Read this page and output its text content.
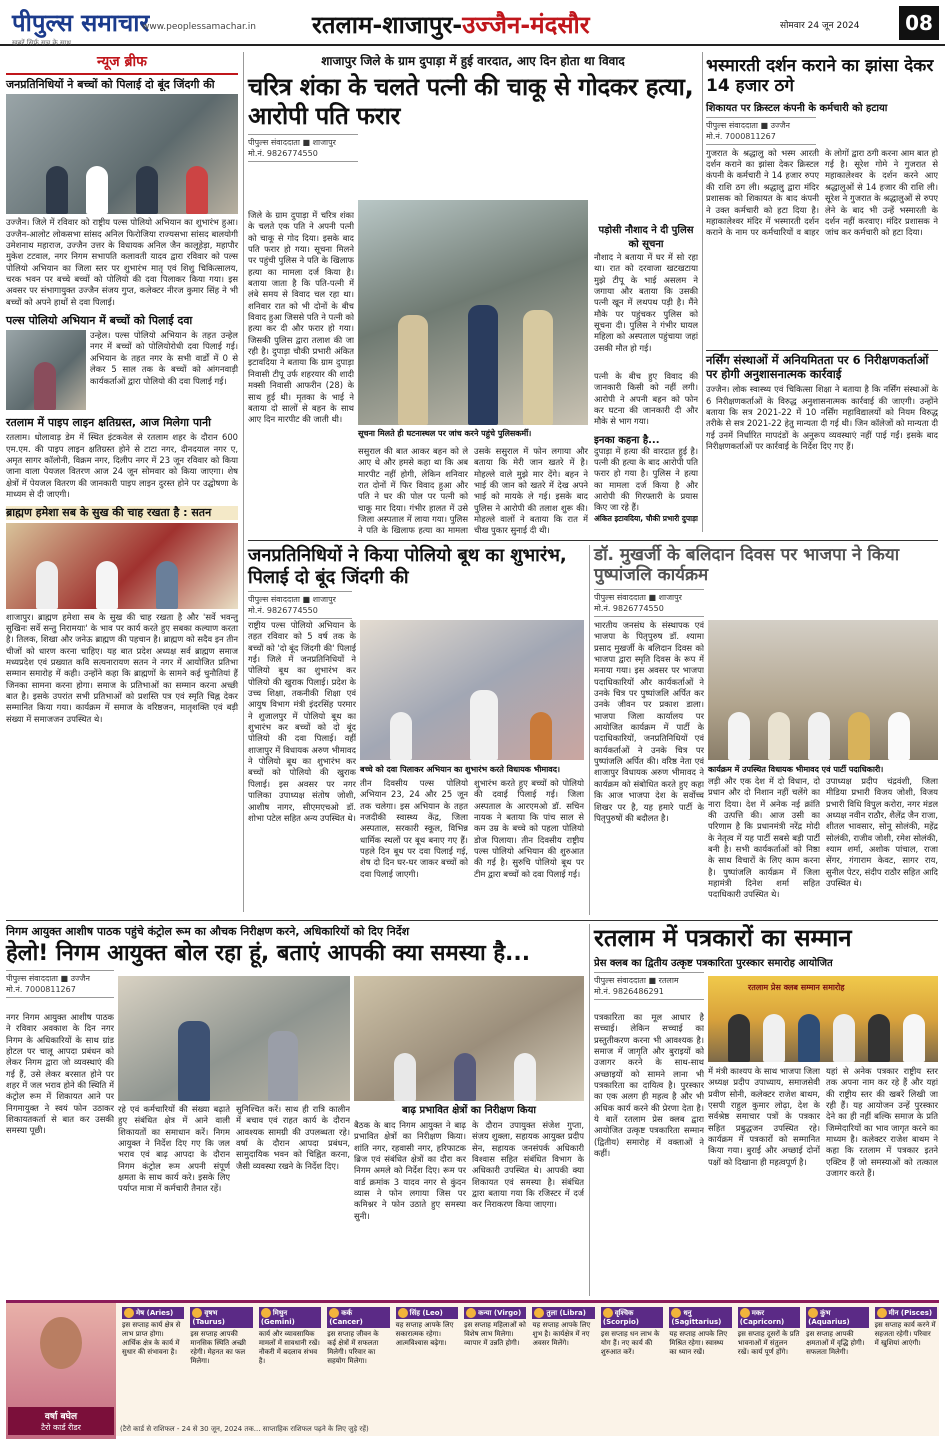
पीपुल्स समाचार
खबरें सिर्फ सच के साथ
www.peoplessamachar.in रतलाम-शाजापुर-उज्जैन-मंदसौर	सोमवार 24 जून 2024	08
न्यूज ब्रीफ
जनप्रतिनिधियों ने बच्चों को पिलाई दो बूंद जिंदगी की
उज्जैन। जिले में रविवार को राष्ट्रीय पल्स पोलियो अभियान का शुभारंभ हुआ। उज्जैन-आलोट लोकसभा सांसद अनिल फिरोजिया राज्यसभा सांसद बालयोगी उमेशनाथ महाराज, उज्जैन उत्तर के विधायक अनिल जैन कालूहेड़ा, महापौर मुकेश टटवाल, नगर निगम सभापति कलावती यादव द्वारा रविवार को पल्स पोलियो अभियान का जिला स्तर पर शुभारंभ मातृ एवं शिशु चिकित्सालय, चरक भवन पर बच्चे बच्चों को पोलियो की दवा पिलाकर किया गया। इस अवसर पर संभागायुक्त उज्जैन संजय गुप्त, कलेक्टर नीरज कुमार सिंह ने भी बच्चों को अपने हाथों से दवा पिलाई।
पल्स पोलियो अभियान में बच्चों को पिलाई दवा
उन्हेल। पल्स पोलियो अभियान के तहत उन्हेल नगर में बच्चों को पोलियोरोधी दवा पिलाई गई। अभियान के तहत नगर के सभी वार्डों में 0 से लेकर 5 साल तक के बच्चों को आंगनवाड़ी कार्यकर्ताओं द्वारा पोलियो की दवा पिलाई गई।
रतलाम में पाइप लाइन क्षतिग्रस्त, आज मिलेगा पानी
रतलाम। धोलावाड़ डेम में स्थित इंटकवेल से रतलाम शहर के दौरान 600 एम.एम. की पाइप लाइन क्षतिग्रस्त होने से टाटा नगर, दीनदयाल नगर ए, अमृत सागर कॉलोनी, विक्रम नगर, दिलीप नगर में 23 जून रविवार को किया जाना वाला पेयजल वितरण आज 24 जून सोमवार को किया जाएगा। शेष क्षेत्रों में पेयजल वितरण की जानकारी पाइप लाइन दुरस्त होने पर उद्घोषणा के माध्यम से दी जाएगी।
ब्राह्मण हमेशा सब के सुख की चाह रखता है : सतन
शाजापुर। ब्राह्मण हमेशा सब के सुख की चाह रखता है और 'सर्वे भवन्तु सुखिनः सर्वे सन्तु निरामयाः' के भाव पर कार्य करते हुए सबका कल्याण करता है। तिलक, शिखा और जनेऊ ब्राह्मण की पहचान है। ब्राह्मण को सदैव इन तीन चीजों को धारण करना चाहिए। यह बात प्रदेश अध्यक्ष सर्व ब्राह्मण समाज मध्यप्रदेश एवं प्रख्यात कवि सत्यनारायण सतन ने नगर में आयोजित प्रतिभा सम्मान समारोह में कही। उन्होंने कहा कि ब्राह्मणों के सामने कई चुनौतियां हैं जिनका सामना करना होगा। समाज के प्रतिभाओं का सम्मान करना अच्छी बात है। इसके उपरांत सभी प्रतिभाओं को प्रशस्ति पत्र एवं स्मृति चिह्न देकर सम्मानित किया गया। कार्यक्रम में समाज के वरिष्ठजन, मातृशक्ति एवं बड़ी संख्या में समाजजन उपस्थित थे।
शाजापुर जिले के ग्राम दुपाड़ा में हुई वारदात, आए दिन होता था विवाद
चरित्र शंका के चलते पत्नी की चाकू से गोदकर हत्या, आरोपी पति फरार
पीपुल्स संवाददाता ■ शाजापुर
मो.नं. 9826774550
जिले के ग्राम दुपाड़ा में चरित्र शंका के चलते एक पति ने अपनी पत्नी को चाकू से गोद दिया। इसके बाद पति फरार हो गया। सूचना मिलने पर पहुंची पुलिस ने पति के खिलाफ हत्या का मामला दर्ज किया है। बताया जाता है कि पति-पत्नी में लंबे समय से विवाद चल रहा था। शनिवार रात को भी दोनों के बीच विवाद हुआ जिससे पति ने पत्नी को हत्या कर दी और फरार हो गया। जिसकी पुलिस द्वारा तलाश की जा रही है। दुपाड़ा चौकी प्रभारी अंकित इटावदिया ने बताया कि ग्राम दुपाड़ा निवासी टीपू उर्फ शहरयार की शादी मक्सी निवासी आफरीन (28) के साथ हुई थी। मृतका के भाई ने बताया दो सालों से बहन के साथ आए दिन मारपीट की जाती थी।
सूचना मिलते ही घटनास्थल पर जांच करने पहुंचे पुलिसकर्मी।
ससुराल की बात आकर बहन को ले आए थे और हमसे कहा था कि अब मारपीट नहीं होगी, लेकिन शनिवार रात दोनों में फिर विवाद हुआ और पति ने घर की पोल पर पत्नी को चाकू मार दिया। गंभीर हालत में उसे जिला अस्पताल में लाया गया। पुलिस ने पति के खिलाफ हत्या का मामला
उसके ससुराल में फोन लगाया और बताया कि मेरी जान खतरे में है। मोहल्ले वाले मुझे मार देंगे। बहन ने भाई की जान को खतरे में देख अपने भाई को मायके ले गई। इसके बाद पुलिस ने आरोपी की तलाश शुरू की। मोहल्ले वालों ने बताया कि रात में चीख पुकार सुनाई दी थी।
पड़ोसी नौशाद ने दी पुलिस को सूचना
नौशाद ने बताया में घर में सो रहा था। रात को दरवाजा खटखटाया मुझे टीपू के भाई असलम ने जगाया और बताया कि उसकी पत्नी खून में लथपथ पड़ी है। मैंने मौके पर पहुंचकर पुलिस को सूचना दी। पुलिस ने गंभीर घायल महिला को अस्पताल पहुंचाया जहां उसकी मौत हो गई।
पत्नी के बीच हुए विवाद की जानकारी किसी को नहीं लगी। आरोपी ने अपनी बहन को फोन कर घटना की जानकारी दी और मौके से भाग गया।
इनका कहना है...
दुपाड़ा में हत्या की वारदात हुई है। पत्नी की हत्या के बाद आरोपी पति फरार हो गया है। पुलिस ने हत्या का मामला दर्ज किया है और आरोपी की गिरफ्तारी के प्रयास किए जा रहे हैं।
अंकित इटावदिया, चौकी प्रभारी दुपाड़ा
भस्मारती दर्शन कराने का झांसा देकर 14 हजार ठगे
शिकायत पर क्रिस्टल कंपनी के कर्मचारी को हटाया
पीपुल्स संवाददाता ■ उज्जैन
मो.नं. 7000811267
गुजरात के श्रद्धालु को भस्म आरती दर्शन कराने का झांसा देकर क्रिस्टल कंपनी के कर्मचारी ने 14 हजार रुपए की राशि ठग ली। श्रद्धालु द्वारा मंदिर प्रशासक को शिकायत के बाद कंपनी ने उक्त कर्मचारी को हटा दिया है। महाकालेश्वर मंदिर में भस्मारती दर्शन कराने के नाम पर कर्मचारियों व बाहर के लोगों द्वारा ठगी करना आम बात हो गई है। सूरेश गोमे ने गुजरात से महाकालेश्वर के दर्शन करने आए श्रद्धालुओं से 14 हजार की राशि ली। सूरेश ने गुजरात के श्रद्धालुओं से रुपए लेने के बाद भी उन्हें भस्मारती के दर्शन नहीं करवाए। मंदिर प्रशासक ने जांच कर कर्मचारी को हटा दिया।
नर्सिंग संस्थाओं में अनियमितता पर 6 निरीक्षणकर्ताओं पर होगी अनुशासनात्मक कार्रवाई
उज्जैन। लोक स्वास्थ्य एवं चिकित्सा शिक्षा ने बताया है कि नर्सिंग संस्थाओं के 6 निरीक्षणकर्ताओं के विरुद्ध अनुशासनात्मक कार्रवाई की जाएगी। उन्होंने बताया कि सत्र 2021-22 में 10 नर्सिंग महाविद्यालयों को नियम विरुद्ध तरीके से सत्र 2021-22 हेतु मान्यता दी गई थी। जिन कॉलेजों को मान्यता दी गई उनमें निर्धारित मापदंडों के अनुरूप व्यवस्थाएं नहीं पाई गईं। इसके बाद निरीक्षणकर्ताओं पर कार्रवाई के निर्देश दिए गए हैं।
जनप्रतिनिधियों ने किया पोलियो बूथ का शुभारंभ, पिलाई दो बूंद जिंदगी की
पीपुल्स संवाददाता ■ शाजापुर
मो.नं. 9826774550
राष्ट्रीय पल्स पोलियो अभियान के तहत रविवार को 5 वर्ष तक के बच्चों को 'दो बूंद जिंदगी की' पिलाई गई। जिले में जनप्रतिनिधियों ने पोलियो बूथ का शुभारंभ कर पोलियो की खुराक पिलाई। प्रदेश के उच्च शिक्षा, तकनीकी शिक्षा एवं आयुष विभाग मंत्री इंदरसिंह परमार ने शुजालपुर में पोलियो बूथ का शुभारंभ कर बच्चों को दो बूंद पोलियो की दवा पिलाई। वहीं शाजापुर में विधायक अरुण भीमावद ने पोलियो बूथ का शुभारंभ कर बच्चों को पोलियो की खुराक पिलाई। इस अवसर पर नगर पालिका उपाध्यक्ष संतोष जोशी, आशीष नागर, सीएमएचओ डॉ. शोभा पटेल सहित अन्य उपस्थित थे।
बच्चे को दवा पिलाकर अभियान का शुभारंभ करते विधायक भीमावद।
तीन दिवसीय पल्स पोलियो अभियान 23, 24 और 25 जून तक चलेगा। इस अभियान के तहत नजदीकी स्वास्थ्य केंद्र, जिला अस्पताल, सरकारी स्कूल, विभिन्न धार्मिक स्थलों पर बूथ बनाए गए हैं। पहले दिन बूथ पर दवा पिलाई गई, शेष दो दिन घर-घर जाकर बच्चों को दवा पिलाई जाएगी।
शुभारंभ करते हुए बच्चों को पोलियो की दवाई पिलाई गई। जिला अस्पताल के आरएमओ डॉ. सचिन नायक ने बताया कि पांच साल से कम उम्र के बच्चे को पहला पोलियो डोज पिलाया। तीन दिवसीय राष्ट्रीय पल्स पोलियो अभियान की शुरुआत की गई है। सुरुचि पोलियो बूथ पर टीम द्वारा बच्चों को दवा पिलाई गई।
डॉ. मुखर्जी के बलिदान दिवस पर भाजपा ने किया पुष्पांजलि कार्यक्रम
पीपुल्स संवाददाता ■ शाजापुर
मो.नं. 9826774550
भारतीय जनसंघ के संस्थापक एवं भाजपा के पितृपुरुष डॉ. श्यामा प्रसाद मुखर्जी के बलिदान दिवस को भाजपा द्वारा स्मृति दिवस के रूप में मनाया गया। इस अवसर पर भाजपा पदाधिकारियों और कार्यकर्ताओं ने उनके चित्र पर पुष्पांजलि अर्पित कर उनके जीवन पर प्रकाश डाला। भाजपा जिला कार्यालय पर आयोजित कार्यक्रम में पार्टी के पदाधिकारियों, जनप्रतिनिधियों एवं कार्यकर्ताओं ने उनके चित्र पर पुष्पांजलि अर्पित की। वरिष्ठ नेता एवं शाजापुर विधायक अरुण भीमावद ने कार्यक्रम को संबोधित करते हुए कहा कि आज भाजपा देश के सर्वोच्च शिखर पर है, यह हमारे पार्टी के पितृपुरुषों की बदौलत है।
कार्यक्रम में उपस्थित विधायक भीमावद एवं पार्टी पदाधिकारी।
लड़ी और एक देश में दो विधान, दो प्रधान और दो निशान नहीं चलेंगे का नारा दिया। देश में अनेक नई क्रांति की उत्पत्ति की। आज उसी का परिणाम है कि प्रधानमंत्री नरेंद्र मोदी के नेतृत्व में यह पार्टी सबसे बड़ी पार्टी बनी है। सभी कार्यकर्ताओं को निष्ठा के साथ विचारों के लिए काम करना है। पुष्पांजलि कार्यक्रम में जिला महामंत्री दिनेश शर्मा सहित पदाधिकारी उपस्थित थे।
उपाध्यक्ष प्रदीप चंद्रवंशी, जिला मीडिया प्रभारी विजय जोशी, विजय प्रभारी विधि विपुल करोरा, नगर मंडल अध्यक्ष नवीन राठौर, शैलेंद्र जैन राजा, शीतल भावसार, सोनू सोलंकी, महेंद्र सोलंकी, राजीव जोशी, रमेश सोलंकी, श्याम शर्मा, अशोक पांचाल, राजा सेंगर, गंगाराम केवट, सागर राय, सुनील पेटर, संदीप राठौर सहित आदि उपस्थित थे।
निगम आयुक्त आशीष पाठक पहुंचे कंट्रोल रूम का औचक निरीक्षण करने, अधिकारियों को दिए निर्देश
हेलो! निगम आयुक्त बोल रहा हूं, बताएं आपकी क्या समस्या है...
पीपुल्स संवाददाता ■ उज्जैन
मो.नं. 7000811267
नगर निगम आयुक्त आशीष पाठक ने रविवार अवकाश के दिन नगर निगम के अधिकारियों के साथ ग्रांड होटल पर चालू आपदा प्रबंधन को लेकर निगम द्वारा जो व्यवस्थाएं की गई हैं, उसे लेकर बरसात होने पर शहर में जल भराव होने की स्थिति में कंट्रोल रूम में शिकायत आने पर निगमायुक्त ने स्वयं फोन उठाकर शिकायतकर्ता से बात कर उसकी समस्या पूछी।
रहे एवं कर्मचारियों की संख्या बढ़ाते हुए संबंधित क्षेत्र में आने वाली शिकायतों का समाधान करें। निगम आयुक्त ने निर्देश दिए गए कि जल भराव एवं बाढ़ आपदा के दौरान निगम कंट्रोल रूम अपनी संपूर्ण क्षमता के साथ कार्य करे। इसके लिए पर्याप्त मात्रा में कर्मचारी तैनात रहें।
सुनिश्चित करें। साथ ही रात्रि कालीन में बचाव एवं राहत कार्य के दौरान आवश्यक सामग्री की उपलब्धता रहे। वर्षा के दौरान आपदा प्रबंधन, सामुदायिक भवन को चिह्नित करना, जैसी व्यवस्था रखने के निर्देश दिए।
बाढ़ प्रभावित क्षेत्रों का निरीक्षण किया
बैठक के बाद निगम आयुक्त ने बाढ़ प्रभावित क्षेत्रों का निरीक्षण किया। शांति नगर, रहवासी नगर, हरिफाटक ब्रिज एवं संबंधित क्षेत्रों का दौरा कर निगम अमले को निर्देश दिए। रूम पर वार्ड क्रमांक 3 यादव नगर से कुंदन व्यास ने फोन लगाया जिस पर कमिश्नर ने फोन उठाते हुए समस्या सुनी।
के दौरान उपायुक्त संजेश गुप्ता, संजय शुक्ला, सहायक आयुक्त प्रदीप सेन, सहायक जनसंपर्क अधिकारी विश्वास सहित संबंधित विभाग के अधिकारी उपस्थित थे। आपकी क्या शिकायत एवं समस्या है। संबंधित द्वारा बताया गया कि रजिस्टर में दर्ज कर निराकरण किया जाएगा।
रतलाम में पत्रकारों का सम्मान
प्रेस क्लब का द्वितीय उत्कृष्ट पत्रकारिता पुरस्कार समारोह आयोजित
पीपुल्स संवाददाता ■ रतलाम
मो.नं. 9826486291
पत्रकारिता का मूल आधार है सच्चाई। लेकिन सच्चाई का प्रस्तुतीकरण करना भी आवश्यक है। समाज में जागृति और बुराइयों को उजागर करने के साथ-साथ अच्छाइयों को सामने लाना भी पत्रकारिता का दायित्व है। पुरस्कार का एक अलग ही महत्व है और भी अधिक कार्य करने की प्रेरणा देता है। ये बातें रतलाम प्रेस क्लब द्वारा आयोजित उत्कृष्ट पत्रकारिता सम्मान (द्वितीय) समारोह में वक्ताओं ने कहीं।
रतलाम प्रेस क्लब सम्मान समारोह
में मंत्री काश्यप के साथ भाजपा जिला अध्यक्ष प्रदीप उपाध्याय, समाजसेवी प्रवीण सोनी, कलेक्टर राजेश बाथम, एसपी राहुल कुमार लोढ़ा, देश के सर्वश्रेष्ठ समाचार पत्रों के पत्रकार सहित प्रबुद्धजन उपस्थित रहे। कार्यक्रम में पत्रकारों को सम्मानित किया गया। बुराई और अच्छाई दोनों पक्षों को दिखाना ही महत्वपूर्ण है।
यहां से अनेक पत्रकार राष्ट्रीय स्तर तक अपना नाम कर रहे हैं और यहां की राष्ट्रीय स्तर की खबरें लिखी जा रही हैं। यह आयोजन उन्हें पुरस्कार देने का ही नहीं बल्कि समाज के प्रति जिम्मेदारियों का भाव जागृत करने का माध्यम है। कलेक्टर राजेश बाथम ने कहा कि रतलाम में पत्रकार इतने एक्टिव हैं जो समस्याओं को तत्काल उजागर करते हैं।
वर्षा बघेल
टैरो कार्ड रीडर
मेष (Aries)
इस सप्ताह कार्य क्षेत्र से लाभ प्राप्त होगा। आर्थिक क्षेत्र के कार्य में सुधार की संभावना है।
वृषभ (Taurus)
इस सप्ताह आपकी मानसिक स्थिति अच्छी रहेगी। मेहनत का फल मिलेगा।
मिथुन (Gemini)
कार्य और व्यावसायिक मामलों में सावधानी रखें। नौकरी में बदलाव संभव है।
कर्क (Cancer)
इस सप्ताह जीवन के कई क्षेत्रों में सफलता मिलेगी। परिवार का सहयोग मिलेगा।
सिंह (Leo)
यह सप्ताह आपके लिए सकारात्मक रहेगा। आत्मविश्वास बढ़ेगा।
कन्या (Virgo)
इस सप्ताह महिलाओं को विशेष लाभ मिलेगा। व्यापार में उन्नति होगी।
तुला (Libra)
यह सप्ताह आपके लिए शुभ है। कार्यक्षेत्र में नए अवसर मिलेंगे।
वृश्चिक (Scorpio)
इस सप्ताह धन लाभ के योग हैं। नए कार्य की शुरुआत करें।
धनु (Sagittarius)
यह सप्ताह आपके लिए मिश्रित रहेगा। स्वास्थ्य का ध्यान रखें।
मकर (Capricorn)
इस सप्ताह दूसरों के प्रति भावनाओं में संतुलन रखें। कार्य पूर्ण होंगे।
कुंभ (Aquarius)
इस सप्ताह आपकी क्षमताओं में वृद्धि होगी। सफलता मिलेगी।
मीन (Pisces)
इस सप्ताह कार्य करने में सहजता रहेगी। परिवार में खुशियां आएंगी।
(टैरो कार्ड से राशिफल - 24 से 30 जून, 2024 तक... साप्ताहिक राशिफल पढ़ने के लिए जुड़े रहें)
